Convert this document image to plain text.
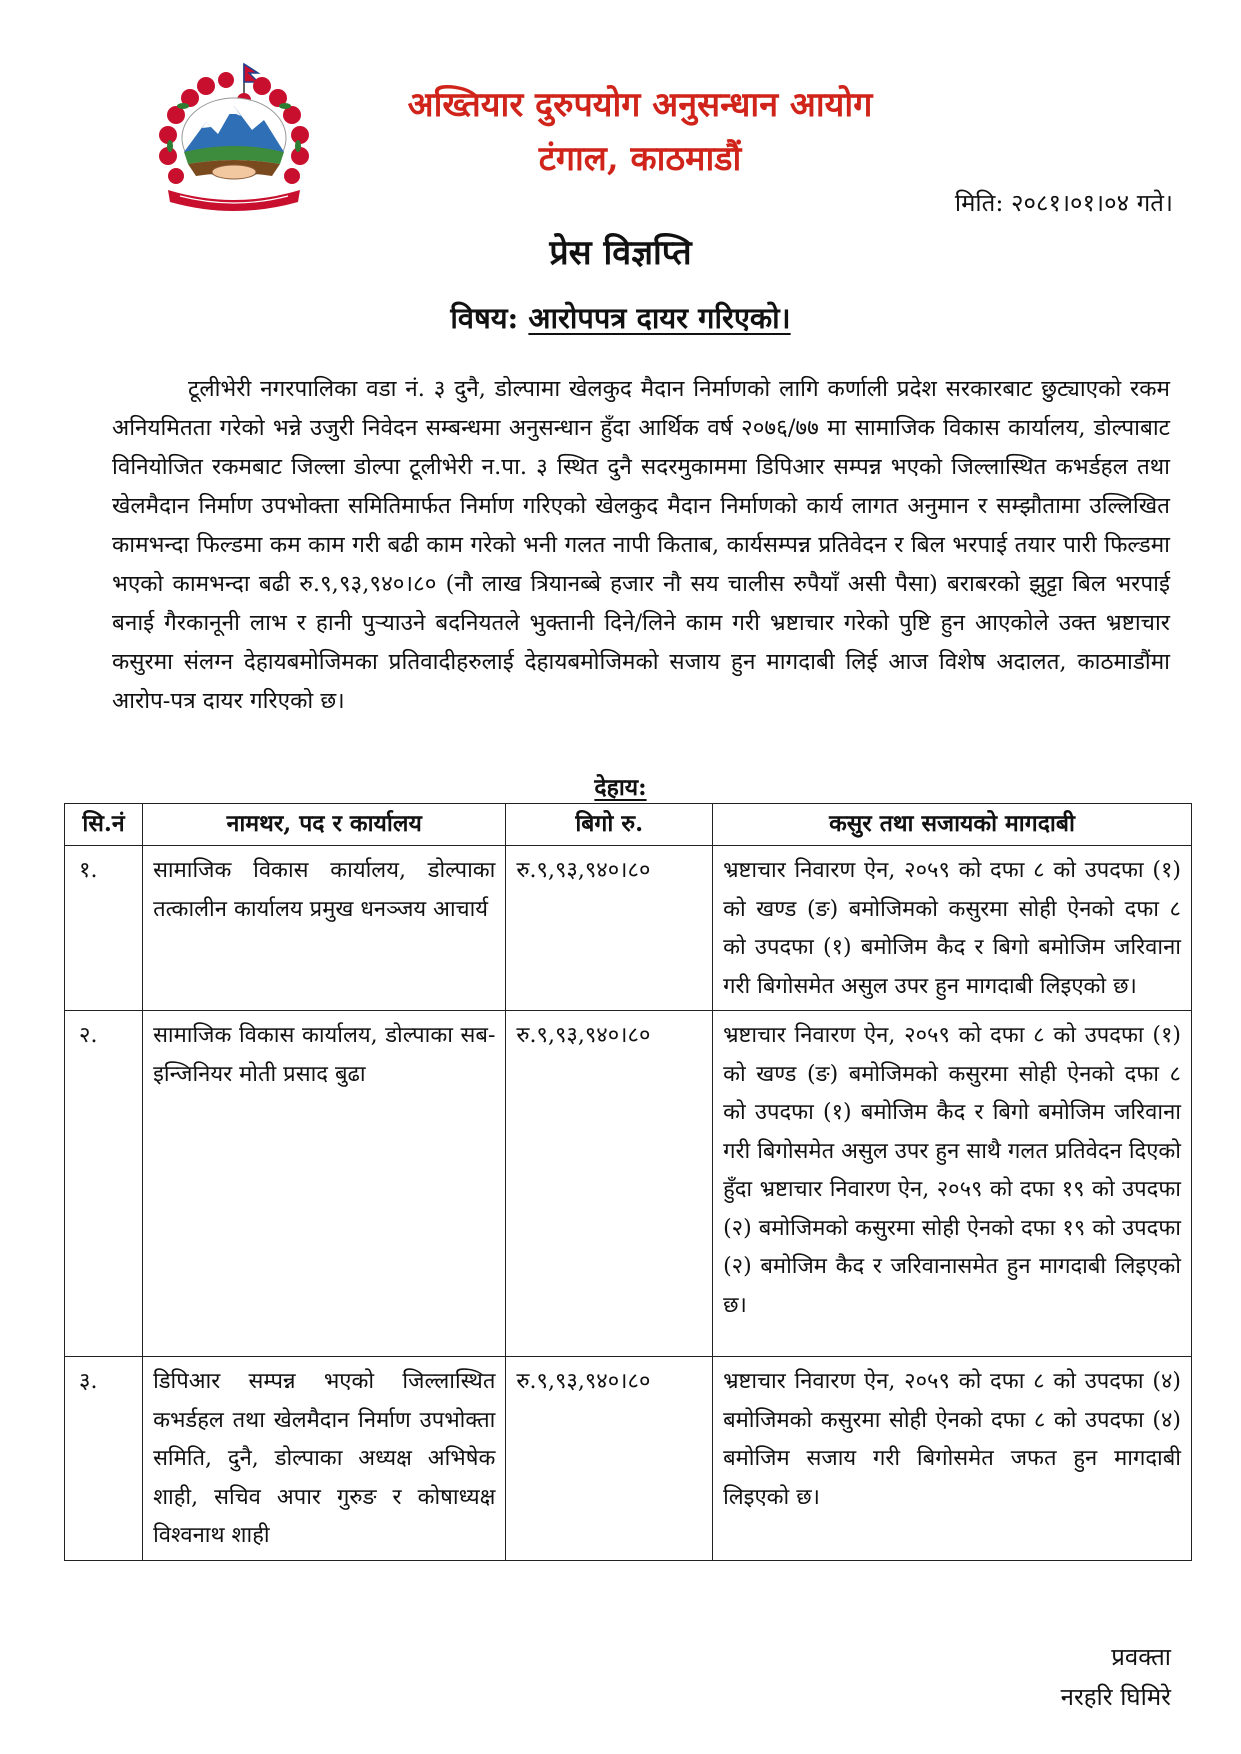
अख्तियार दुरुपयोग अनुसन्धान आयोग
टंगाल, काठमाडौं
मिति: २०८१।०१।०४ गते।
प्रेस विज्ञप्ति
विषय: आरोपपत्र दायर गरिएको।

टूलीभेरी नगरपालिका वडा नं. ३ दुनै, डोल्पामा खेलकुद मैदान निर्माणको लागि कर्णाली प्रदेश सरकारबाट छुट्याएको रकम अनियमितता गरेको भन्ने उजुरी निवेदन सम्बन्धमा अनुसन्धान हुँदा आर्थिक वर्ष २०७६/७७ मा सामाजिक विकास कार्यालय, डोल्पाबाट विनियोजित रकमबाट जिल्ला डोल्पा टूलीभेरी न.पा. ३ स्थित दुनै सदरमुकाममा डिपिआर सम्पन्न भएको जिल्लास्थित कभर्डहल तथा खेलमैदान निर्माण उपभोक्ता समितिमार्फत निर्माण गरिएको खेलकुद मैदान निर्माणको कार्य लागत अनुमान र सम्झौतामा उल्लिखित कामभन्दा फिल्डमा कम काम गरी बढी काम गरेको भनी गलत नापी किताब, कार्यसम्पन्न प्रतिवेदन र बिल भरपाई तयार पारी फिल्डमा भएको कामभन्दा बढी रु.९,९३,९४०।८० (नौ लाख त्रियानब्बे हजार नौ सय चालीस रुपैयाँ असी पैसा) बराबरको झुट्टा बिल भरपाई बनाई गैरकानूनी लाभ र हानी पुऱ्याउने बदनियतले भुक्तानी दिने/लिने काम गरी भ्रष्टाचार गरेको पुष्टि हुन आएकोले उक्त भ्रष्टाचार कसुरमा संलग्न देहायबमोजिमका प्रतिवादीहरुलाई देहायबमोजिमको सजाय हुन मागदाबी लिई आज विशेष अदालत, काठमाडौंमा आरोप-पत्र दायर गरिएको छ।

देहाय:
सि.नं	नामथर, पद र कार्यालय	बिगो रु.	कसुर तथा सजायको मागदाबी
१.	सामाजिक विकास कार्यालय, डोल्पाका तत्कालीन कार्यालय प्रमुख धनञ्जय आचार्य	रु.९,९३,९४०।८०	भ्रष्टाचार निवारण ऐन, २०५९ को दफा ८ को उपदफा (१) को खण्ड (ङ) बमोजिमको कसुरमा सोही ऐनको दफा ८ को उपदफा (१) बमोजिम कैद र बिगो बमोजिम जरिवाना गरी बिगोसमेत असुल उपर हुन मागदाबी लिइएको छ।
२.	सामाजिक विकास कार्यालय, डोल्पाका सब-इन्जिनियर मोती प्रसाद बुढा	रु.९,९३,९४०।८०	भ्रष्टाचार निवारण ऐन, २०५९ को दफा ८ को उपदफा (१) को खण्ड (ङ) बमोजिमको कसुरमा सोही ऐनको दफा ८ को उपदफा (१) बमोजिम कैद र बिगो बमोजिम जरिवाना गरी बिगोसमेत असुल उपर हुन साथै गलत प्रतिवेदन दिएको हुँदा भ्रष्टाचार निवारण ऐन, २०५९ को दफा १९ को उपदफा (२) बमोजिमको कसुरमा सोही ऐनको दफा १९ को उपदफा (२) बमोजिम कैद र जरिवानासमेत हुन मागदाबी लिइएको छ।
३.	डिपिआर सम्पन्न भएको जिल्लास्थित कभर्डहल तथा खेलमैदान निर्माण उपभोक्ता समिति, दुनै, डोल्पाका अध्यक्ष अभिषेक शाही, सचिव अपार गुरुङ र कोषाध्यक्ष विश्वनाथ शाही	रु.९,९३,९४०।८०	भ्रष्टाचार निवारण ऐन, २०५९ को दफा ८ को उपदफा (४) बमोजिमको कसुरमा सोही ऐनको दफा ८ को उपदफा (४) बमोजिम सजाय गरी बिगोसमेत जफत हुन मागदाबी लिइएको छ।
प्रवक्ता
नरहरि घिमिरे
